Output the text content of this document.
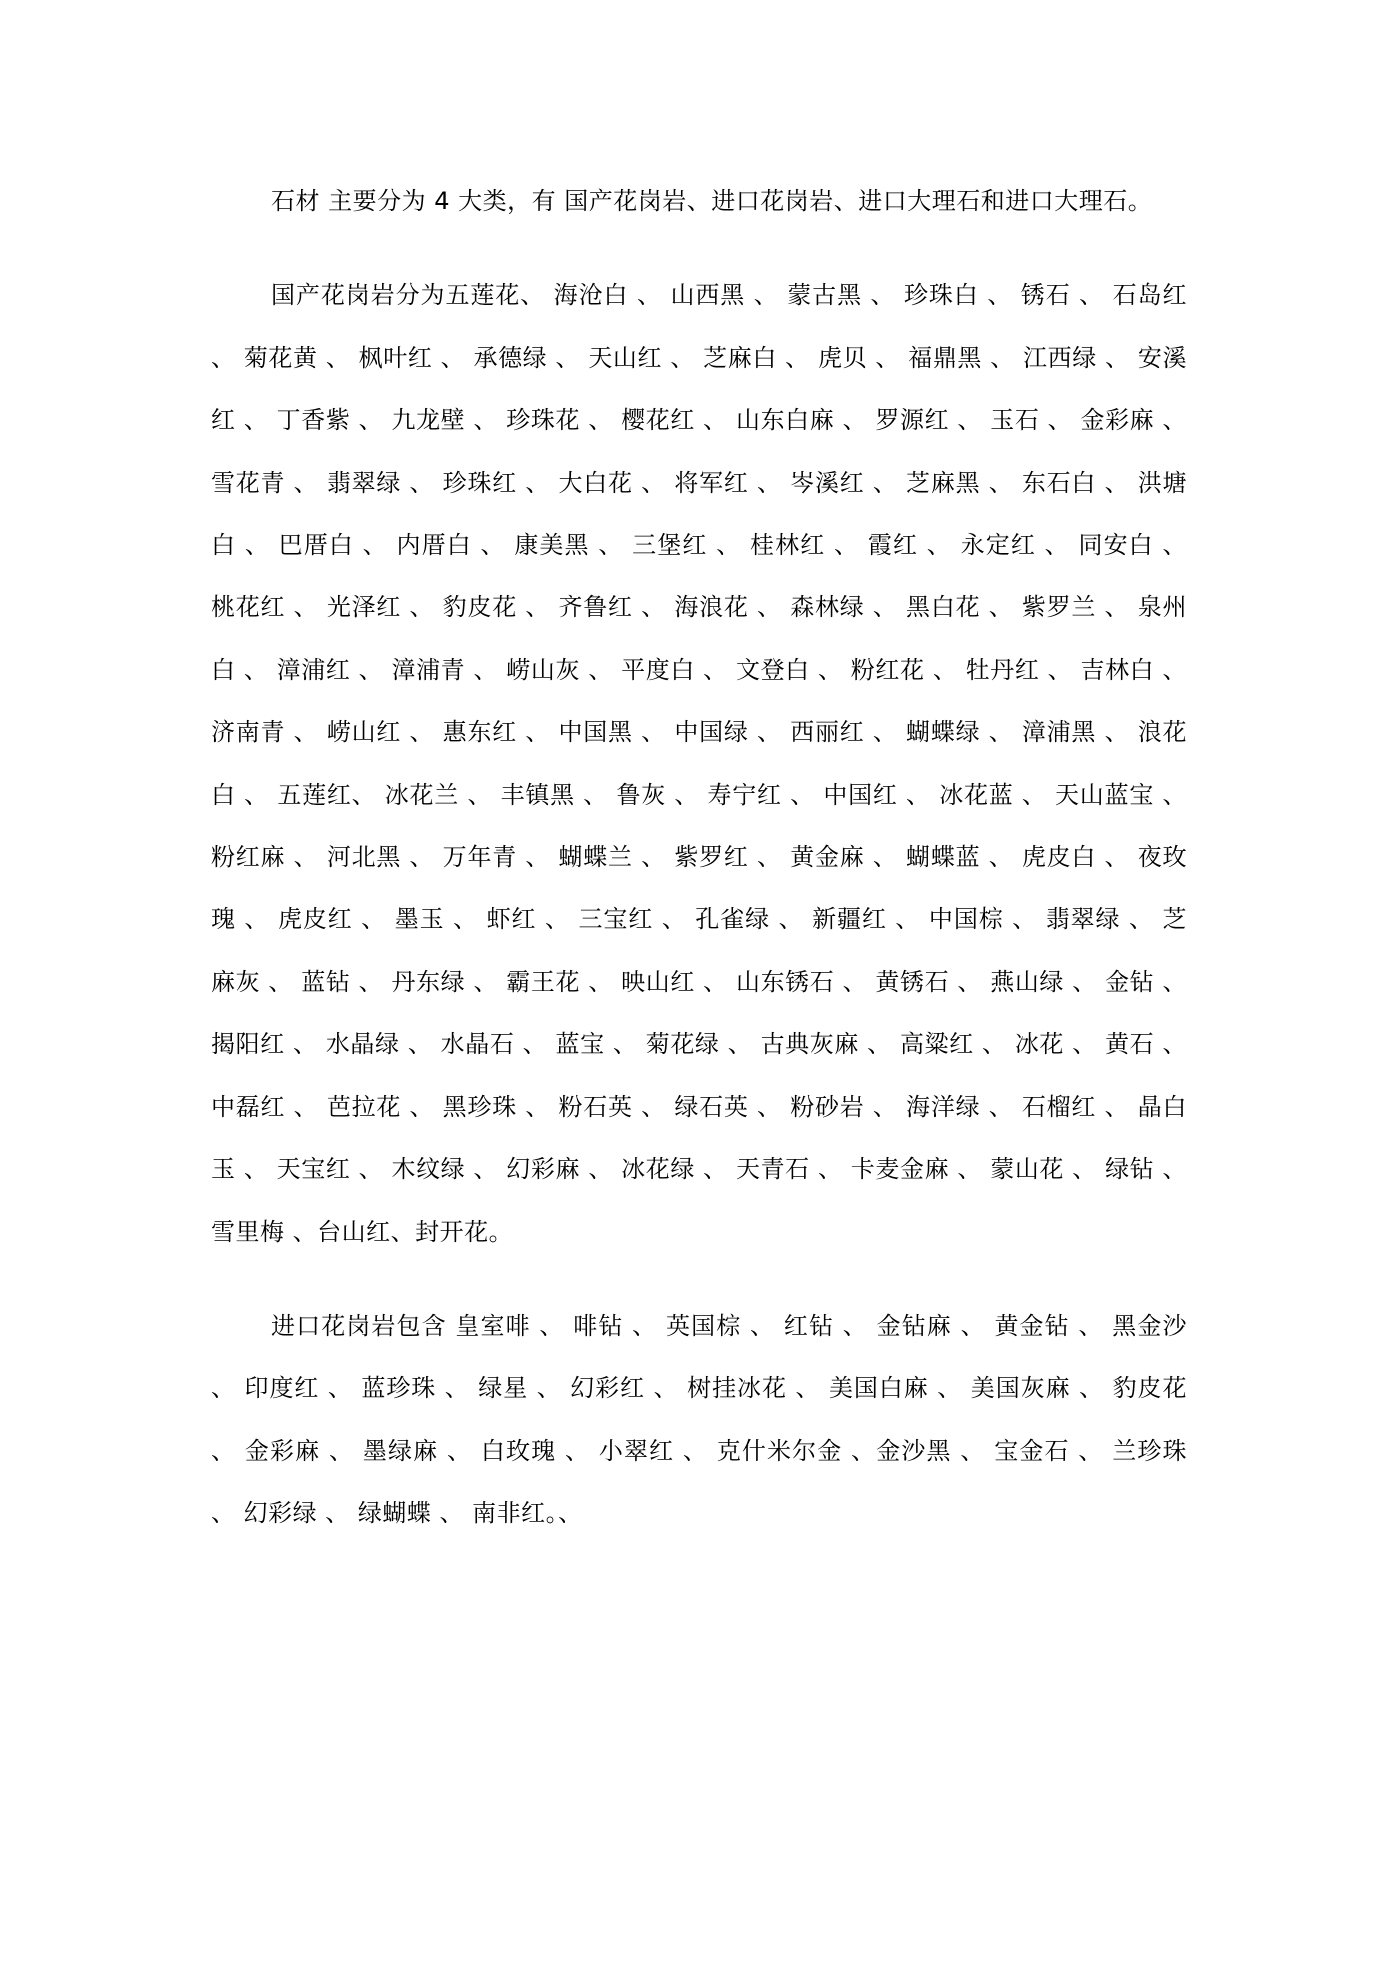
石材 主要分为 4 大类，有 国产花岗岩、进口花岗岩、进口大理石和进口大理石。

国产花岗岩分为五莲花、 海沧白 、 山西黑 、 蒙古黑 、 珍珠白 、 锈石 、 石岛红 、 菊花黄 、 枫叶红 、 承德绿 、 天山红 、 芝麻白 、 虎贝 、 福鼎黑 、 江西绿 、 安溪红 、 丁香紫 、 九龙壁 、 珍珠花 、 樱花红 、 山东白麻 、 罗源红 、 玉石 、 金彩麻 、 雪花青 、 翡翠绿 、 珍珠红 、 大白花 、 将军红 、 岑溪红 、 芝麻黑 、 东石白 、 洪塘白 、 巴厝白 、 内厝白 、 康美黑 、 三堡红 、 桂林红 、 霞红 、 永定红 、 同安白 、 桃花红 、 光泽红 、 豹皮花 、 齐鲁红 、 海浪花 、 森林绿 、 黑白花 、 紫罗兰 、 泉州白 、 漳浦红 、 漳浦青 、 崂山灰 、 平度白 、 文登白 、 粉红花 、 牡丹红 、 吉林白 、 济南青 、 崂山红 、 惠东红 、 中国黑 、 中国绿 、 西丽红 、 蝴蝶绿 、 漳浦黑 、 浪花白 、 五莲红、 冰花兰 、 丰镇黑 、 鲁灰 、 寿宁红 、 中国红 、 冰花蓝 、 天山蓝宝 、 粉红麻 、 河北黑 、 万年青 、 蝴蝶兰 、 紫罗红 、 黄金麻 、 蝴蝶蓝 、 虎皮白 、 夜玫瑰 、 虎皮红 、 墨玉 、 虾红 、 三宝红 、 孔雀绿 、 新疆红 、 中国棕 、 翡翠绿 、 芝麻灰 、 蓝钻 、 丹东绿 、 霸王花 、 映山红 、 山东锈石 、 黄锈石 、 燕山绿 、 金钻 、 揭阳红 、 水晶绿 、 水晶石 、 蓝宝 、 菊花绿 、 古典灰麻 、 高粱红 、 冰花 、 黄石 、 中磊红 、 芭拉花 、 黑珍珠 、 粉石英 、 绿石英 、 粉砂岩 、 海洋绿 、 石榴红 、 晶白玉 、 天宝红 、 木纹绿 、 幻彩麻 、 冰花绿 、 天青石 、 卡麦金麻 、 蒙山花 、 绿钻 、 雪里梅 、台山红、封开花。

进口花岗岩包含 皇室啡 、 啡钻 、 英国棕 、 红钻 、 金钻麻 、 黄金钻 、 黑金沙 、 印度红 、 蓝珍珠 、 绿星 、 幻彩红 、 树挂冰花 、 美国白麻 、 美国灰麻 、 豹皮花 、 金彩麻 、 墨绿麻 、 白玫瑰 、 小翠红 、 克什米尔金 、金沙黑 、 宝金石 、 兰珍珠 、 幻彩绿 、 绿蝴蝶 、 南非红。、
